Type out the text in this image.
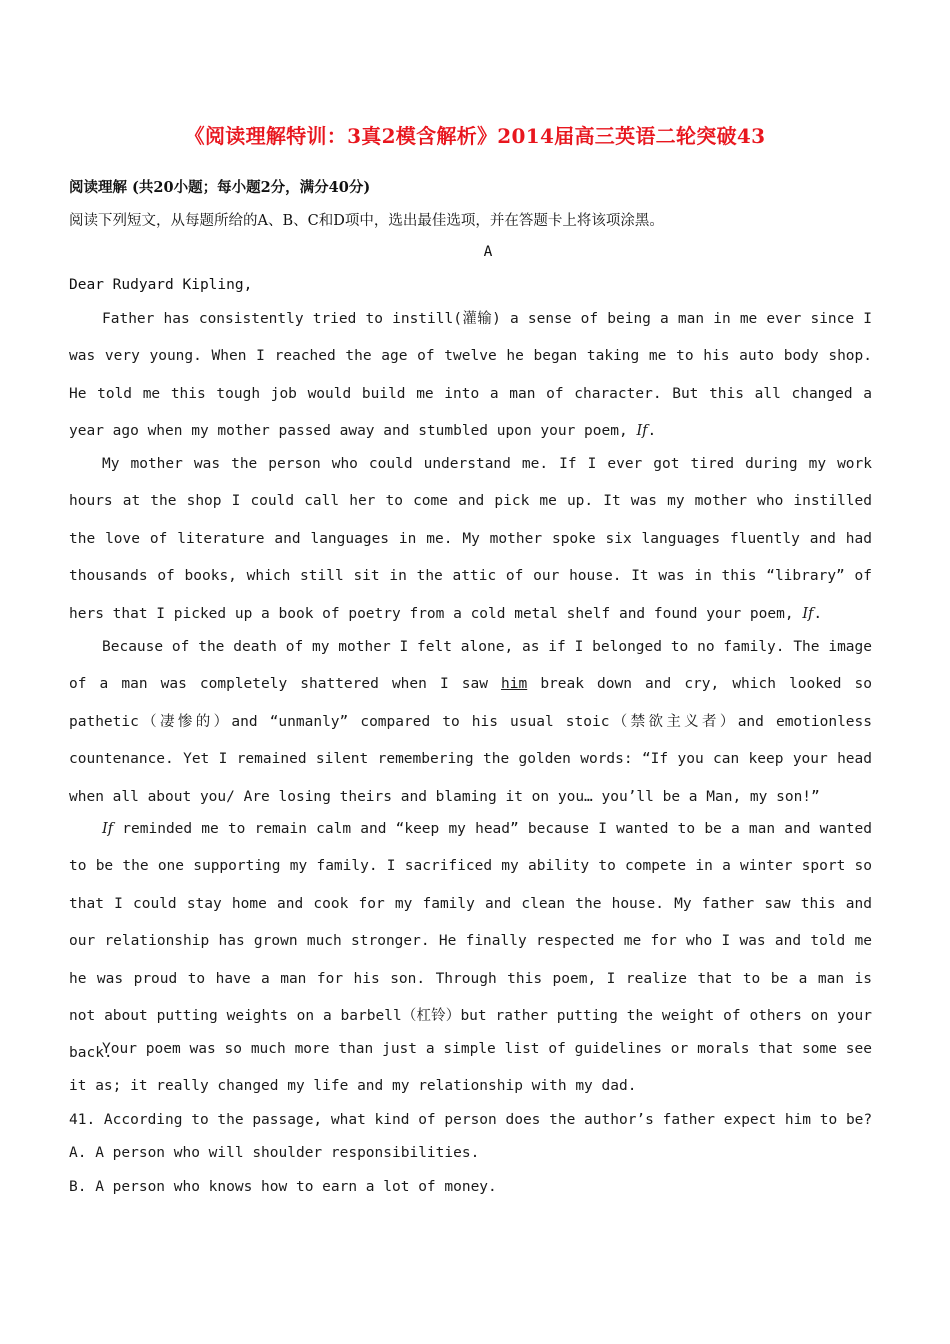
《阅读理解特训：3真2模含解析》2014届高三英语二轮突破43
阅读理解 (共20小题；每小题2分，满分40分)
阅读下列短文，从每题所给的A、B、C和D项中，选出最佳选项，并在答题卡上将该项涂黑。
A
Dear Rudyard Kipling,

Father has consistently tried to instill(灌输) a sense of being a man in me ever since I was very young. When I reached the age of twelve he began taking me to his auto body shop. He told me this tough job would build me into a man of character. But this all changed a year ago when my mother passed away and stumbled upon your poem, If.

My mother was the person who could understand me. If I ever got tired during my work hours at the shop I could call her to come and pick me up. It was my mother who instilled the love of literature and languages in me. My mother spoke six languages fluently and had thousands of books, which still sit in the attic of our house. It was in this “library” of hers that I picked up a book of poetry from a cold metal shelf and found your poem, If.

Because of the death of my mother I felt alone, as if I belonged to no family. The image of a man was completely shattered when I saw him break down and cry, which looked so pathetic（凄惨的）and “unmanly” compared to his usual stoic（禁欲主义者）and emotionless countenance. Yet I remained silent remembering the golden words: “If you can keep your head when all about you/ Are losing theirs and blaming it on you… you’ll be a Man, my son!”

If reminded me to remain calm and “keep my head” because I wanted to be a man and wanted to be the one supporting my family. I sacrificed my ability to compete in a winter sport so that I could stay home and cook for my family and clean the house. My father saw this and our relationship has grown much stronger. He finally respected me for who I was and told me he was proud to have a man for his son. Through this poem, I realize that to be a man is not about putting weights on a barbell（杠铃）but rather putting the weight of others on your back.

Your poem was so much more than just a simple list of guidelines or morals that some see it as; it really changed my life and my relationship with my dad.

41. According to the passage, what kind of person does the author’s father expect him to be?
A. A person who will shoulder responsibilities.
B. A person who knows how to earn a lot of money.
